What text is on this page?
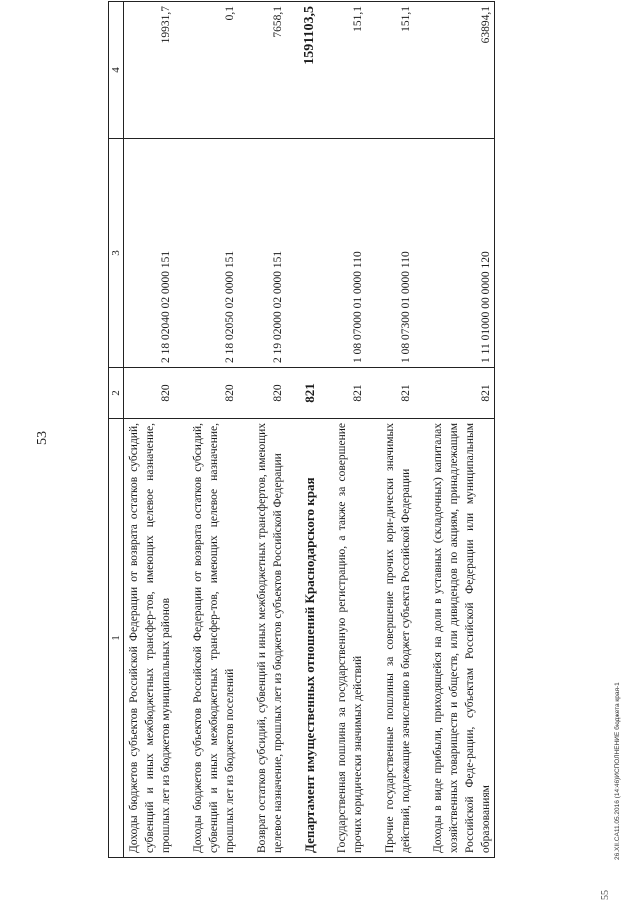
53
1	2	3	4
Доходы бюджетов субъектов Российской Федерации от возврата остатков субсидий, субвенций и иных межбюджетных трансфер-тов, имеющих целевое назначение, прошлых лет из бюджетов муниципальных районов	820	2 18 02040 02 0000 151	19931,7
Доходы бюджетов субъектов Российской Федерации от возврата остатков субсидий, субвенций и иных межбюджетных трансфер-тов, имеющих целевое назначение, прошлых лет из бюджетов поселений	820	2 18 02050 02 0000 151	0,1
Возврат остатков субсидий, субвенций и иных межбюджетных трансфертов, имеющих целевое назначение, прошлых лет из бюджетов субъектов Российской Федерации	820	2 19 02000 02 0000 151	7658,1
Департамент имущественных отношений Краснодарского края	821		1591103,5
Государственная пошлина за государственную регистрацию, а также за совершение прочих юридически значимых действий	821	1 08 07000 01 0000 110	151,1
Прочие государственные пошлины за совершение прочих юри-дически значимых действий, подлежащие зачислению в бюджет субъекта Российской Федерации	821	1 08 07300 01 0000 110	151,1
Доходы в виде прибыли, приходящейся на доли в уставных (складочных) капиталах хозяйственных товариществ и обществ, или дивидендов по акциям, принадлежащим Российской Феде-рации, субъектам Российской Федерации или муниципальным образованиям	821	1 11 01000 00 0000 120	63894,1
26.XII.CA11.05.2016 (14:46)ИСПОЛНЕНИЕ бюджета края-1
55
